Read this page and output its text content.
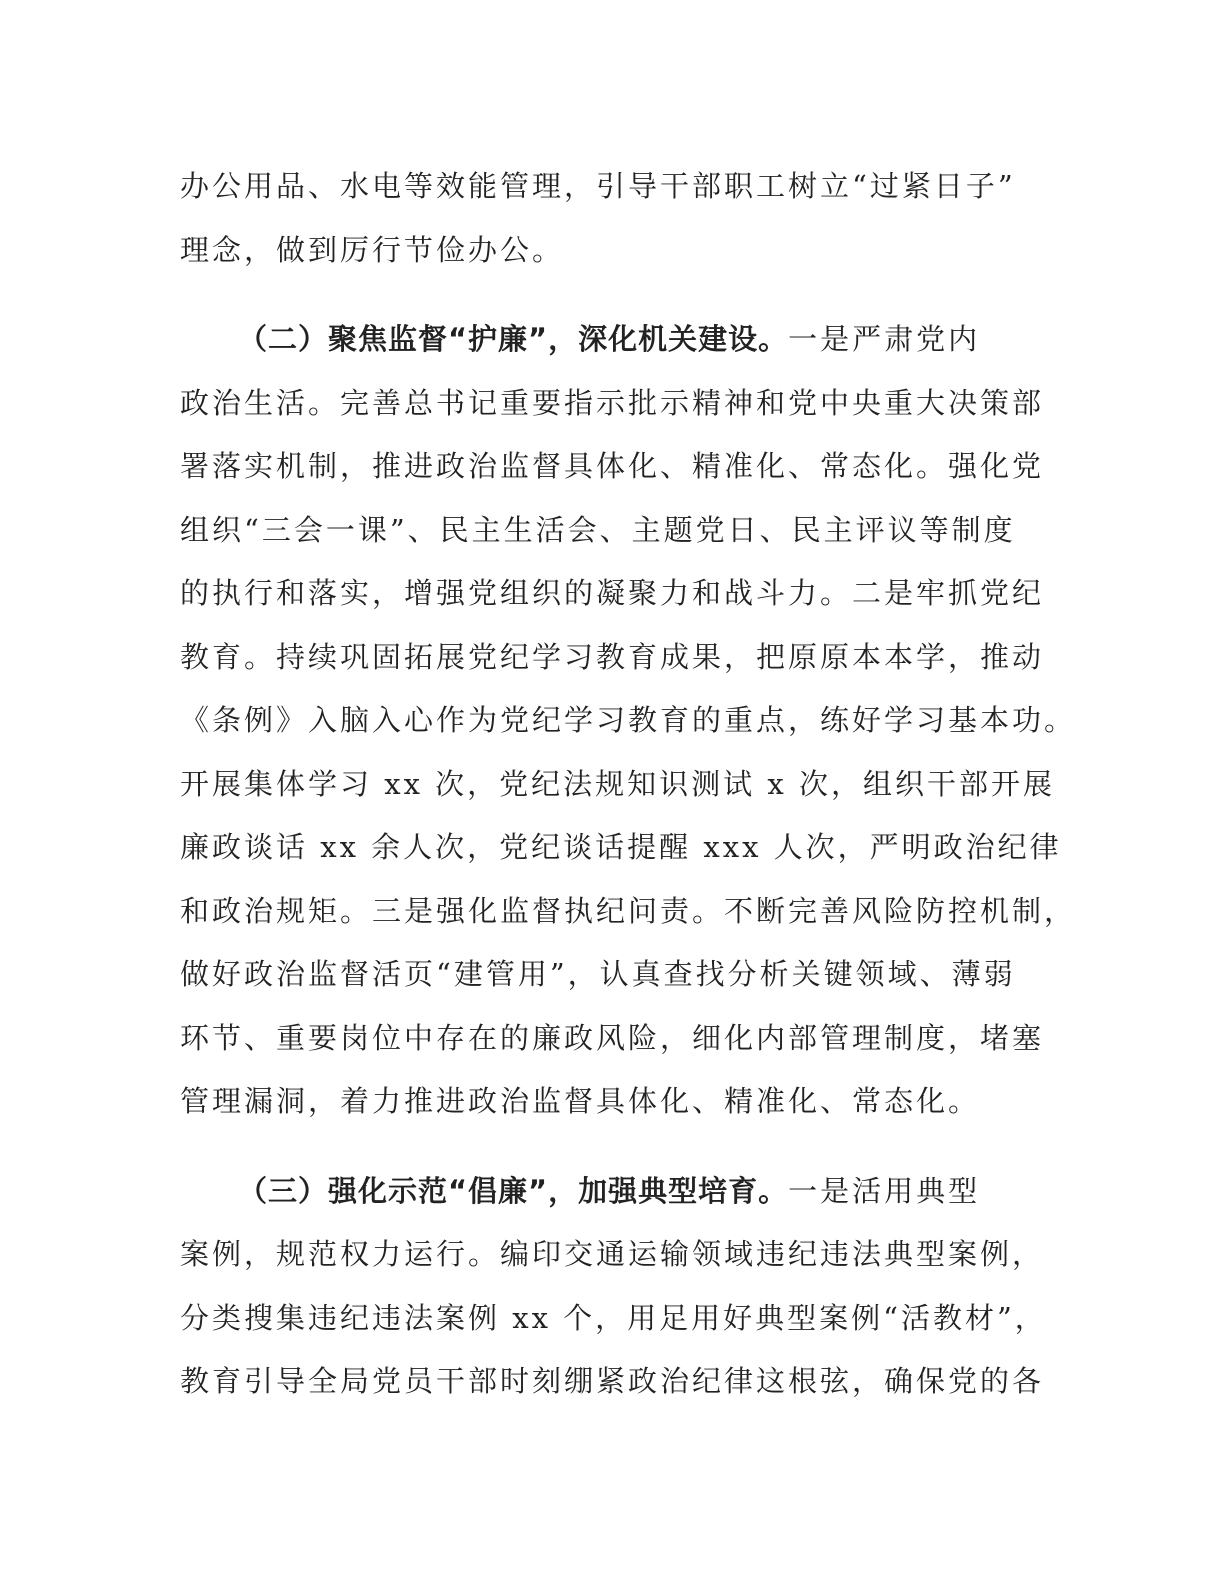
办公用品、水电等效能管理，引导干部职工树立“过紧日子”
理念，做到厉行节俭办公。
（二）聚焦监督“护廉”，深化机关建设。一是严肃党内
政治生活。完善总书记重要指示批示精神和党中央重大决策部
署落实机制，推进政治监督具体化、精准化、常态化。强化党
组织“三会一课”、民主生活会、主题党日、民主评议等制度
的执行和落实，增强党组织的凝聚力和战斗力。二是牢抓党纪
教育。持续巩固拓展党纪学习教育成果，把原原本本学，推动
《条例》入脑入心作为党纪学习教育的重点，练好学习基本功。
开展集体学习 xx 次，党纪法规知识测试 x 次，组织干部开展
廉政谈话 xx 余人次，党纪谈话提醒 xxx 人次，严明政治纪律
和政治规矩。三是强化监督执纪问责。不断完善风险防控机制，
做好政治监督活页“建管用”，认真查找分析关键领域、薄弱
环节、重要岗位中存在的廉政风险，细化内部管理制度，堵塞
管理漏洞，着力推进政治监督具体化、精准化、常态化。
（三）强化示范“倡廉”，加强典型培育。一是活用典型
案例，规范权力运行。编印交通运输领域违纪违法典型案例，
分类搜集违纪违法案例 xx 个，用足用好典型案例“活教材”，
教育引导全局党员干部时刻绷紧政治纪律这根弦，确保党的各
